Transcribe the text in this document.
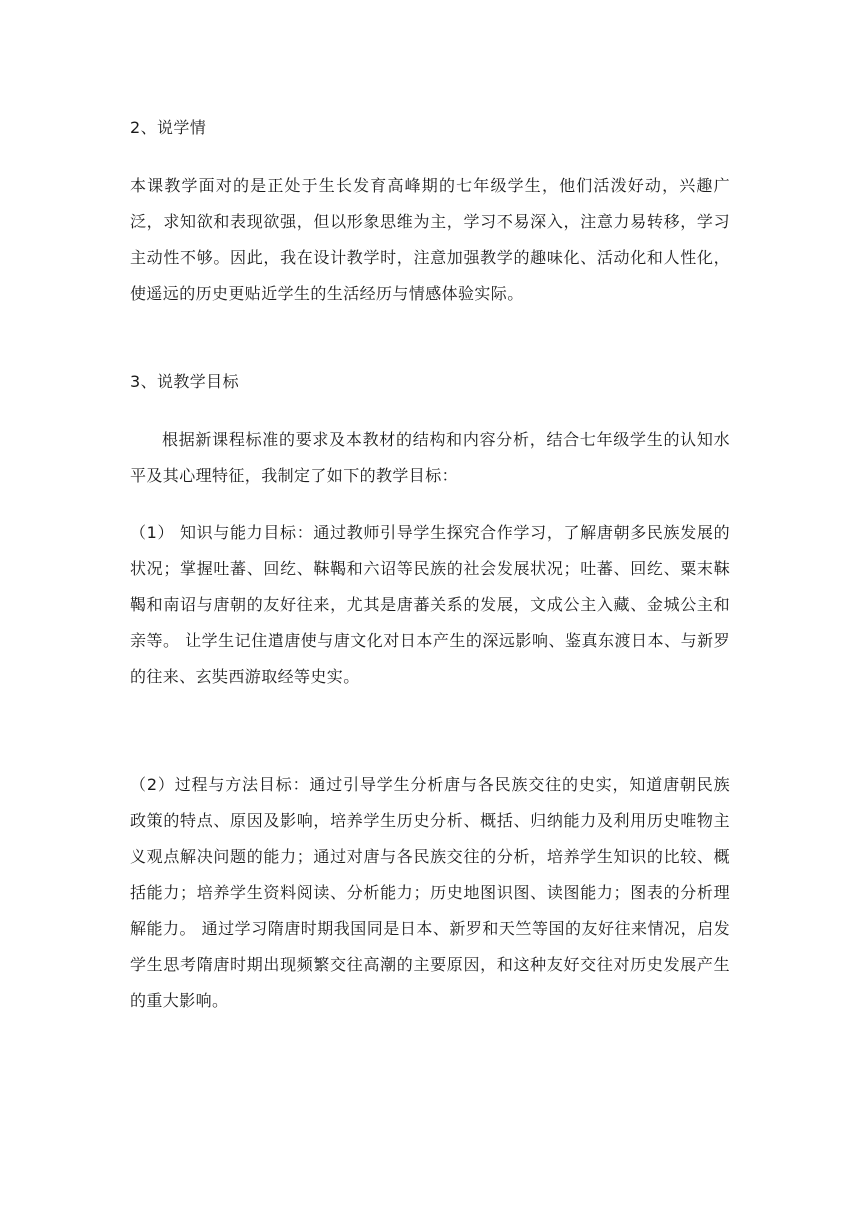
2、说学情

本课教学面对的是正处于生长发育高峰期的七年级学生，他们活泼好动，兴趣广泛，求知欲和表现欲强，但以形象思维为主，学习不易深入，注意力易转移，学习主动性不够。因此，我在设计教学时，注意加强教学的趣味化、活动化和人性化，使遥远的历史更贴近学生的生活经历与情感体验实际。

3、说教学目标

根据新课程标准的要求及本教材的结构和内容分析，结合七年级学生的认知水平及其心理特征，我制定了如下的教学目标：

（1） 知识与能力目标：通过教师引导学生探究合作学习，了解唐朝多民族发展的状况；掌握吐蕃、回纥、靺鞨和六诏等民族的社会发展状况；吐蕃、回纥、粟末靺鞨和南诏与唐朝的友好往来，尤其是唐蕃关系的发展，文成公主入藏、金城公主和亲等。 让学生记住遣唐使与唐文化对日本产生的深远影响、鉴真东渡日本、与新罗的往来、玄奘西游取经等史实。

（2）过程与方法目标：通过引导学生分析唐与各民族交往的史实，知道唐朝民族政策的特点、原因及影响，培养学生历史分析、概括、归纳能力及利用历史唯物主义观点解决问题的能力；通过对唐与各民族交往的分析，培养学生知识的比较、概括能力；培养学生资料阅读、分析能力；历史地图识图、读图能力；图表的分析理解能力。 通过学习隋唐时期我国同是日本、新罗和天竺等国的友好往来情况，启发学生思考隋唐时期出现频繁交往高潮的主要原因，和这种友好交往对历史发展产生的重大影响。
